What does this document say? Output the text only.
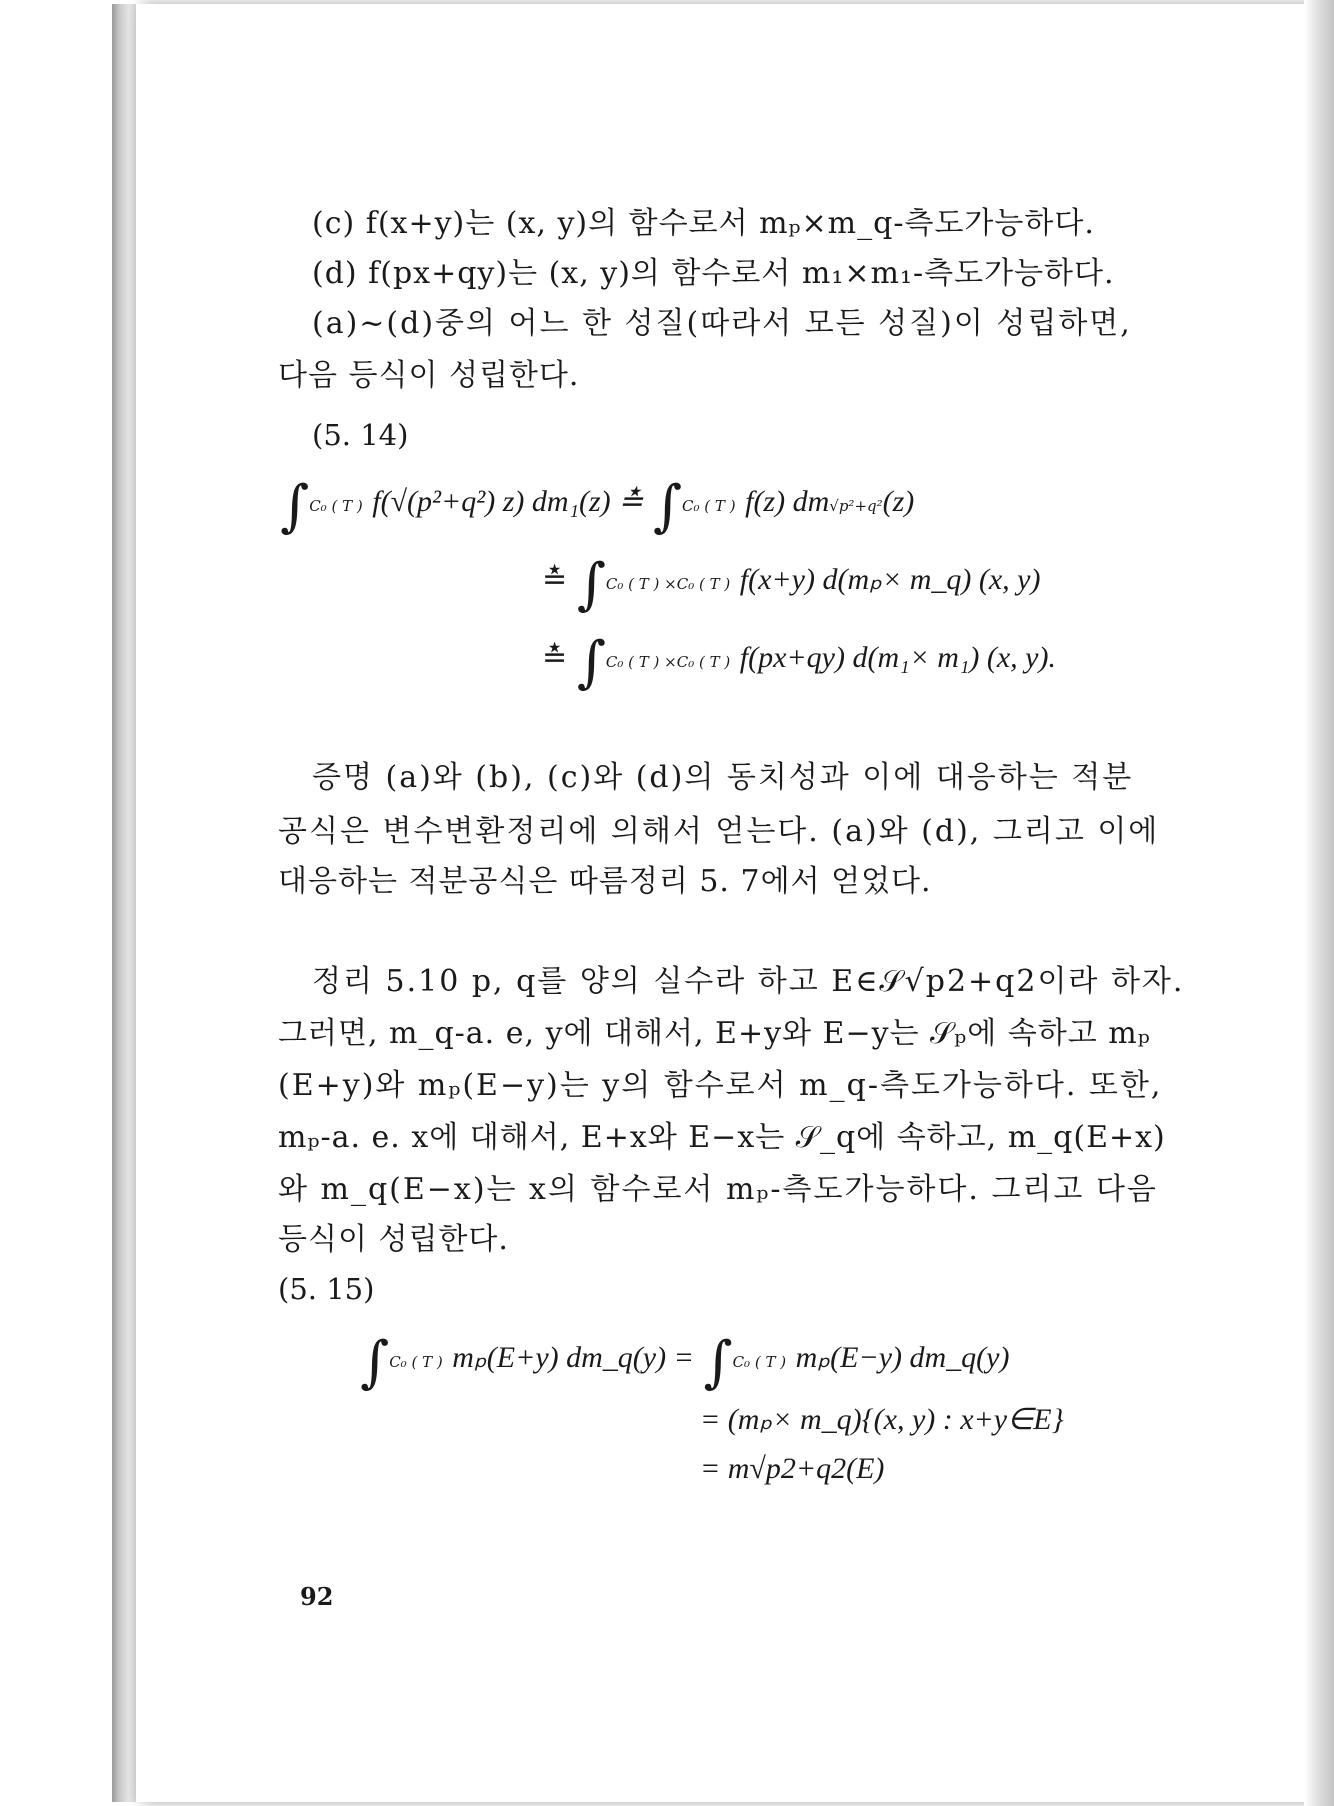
(c) f(x+y)는 (x, y)의 함수로서 mₚ×m_q-측도가능하다.
(d) f(px+qy)는 (x, y)의 함수로서 m₁×m₁-측도가능하다.
(a)~(d)중의 어느 한 성질(따라서 모든 성질)이 성립하면,
다음 등식이 성립한다.
(5. 14)
∫C₀ ( T ) f(√(p²+q²) z) dm₁(z) ≛ ∫C₀ ( T ) f(z) dm√p²+q²(z)
≛ ∫C₀ ( T ) ×C₀ ( T ) f(x+y) d(mₚ× m_q) (x, y)
≛ ∫C₀ ( T ) ×C₀ ( T ) f(px+qy) d(m₁× m₁) (x, y).
증명 (a)와 (b), (c)와 (d)의 동치성과 이에 대응하는 적분
공식은 변수변환정리에 의해서 얻는다. (a)와 (d), 그리고 이에
대응하는 적분공식은 따름정리 5. 7에서 얻었다.
정리 5.10 p, q를 양의 실수라 하고 E∈𝒮√p2+q2이라 하자.
그러면, m_q-a. e, y에 대해서, E+y와 E−y는 𝒮ₚ에 속하고 mₚ
(E+y)와 mₚ(E−y)는 y의 함수로서 m_q-측도가능하다. 또한,
mₚ-a. e. x에 대해서, E+x와 E−x는 𝒮_q에 속하고, m_q(E+x)
와 m_q(E−x)는 x의 함수로서 mₚ-측도가능하다. 그리고 다음
등식이 성립한다.
(5. 15)
∫C₀ ( T ) mₚ(E+y) dm_q(y) = ∫C₀ ( T ) mₚ(E−y) dm_q(y)
= (mₚ× m_q){(x, y) : x+y∈E}
= m√p2+q2(E)
92
